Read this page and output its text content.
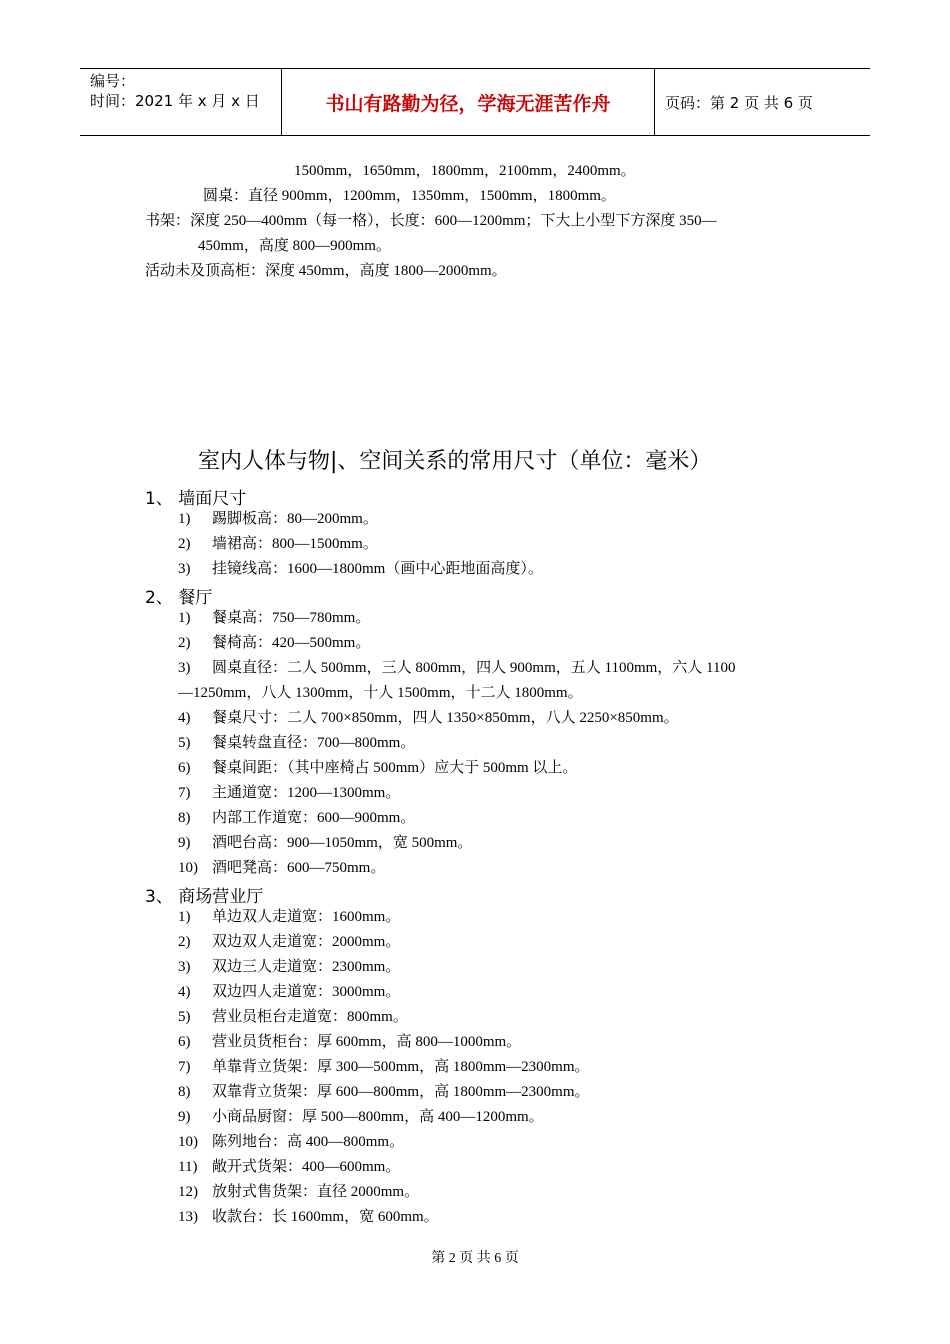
编号：
时间：2021 年 x 月 x 日	书山有路勤为径，学海无涯苦作舟	页码：第 2 页 共 6 页
1500mm，1650mm，1800mm，2100mm，2400mm。
圆桌：直径 900mm，1200mm，1350mm，1500mm，1800mm。
书架：深度 250—400mm（每一格），长度：600—1200mm；下大上小型下方深度 350—
450mm，高度 800—900mm。
活动未及顶高柜：深度 450mm，高度 1800—2000mm。
室内人体与物|、空间关系的常用尺寸（单位：毫米）
1、 墙面尺寸
1) 踢脚板高：80—200mm。
2) 墙裙高：800—1500mm。
3) 挂镜线高：1600—1800mm（画中心距地面高度）。
2、 餐厅
1) 餐桌高：750—780mm。
2) 餐椅高：420—500mm。
3) 圆桌直径：二人 500mm，三人 800mm，四人 900mm，五人 1100mm，六人 1100
—1250mm，八人 1300mm，十人 1500mm，十二人 1800mm。
4) 餐桌尺寸：二人 700×850mm，四人 1350×850mm，八人 2250×850mm。
5) 餐桌转盘直径：700—800mm。
6) 餐桌间距：（其中座椅占 500mm）应大于 500mm 以上。
7) 主通道宽：1200—1300mm。
8) 内部工作道宽：600—900mm。
9) 酒吧台高：900—1050mm，宽 500mm。
10) 酒吧凳高：600—750mm。
3、 商场营业厅
1) 单边双人走道宽：1600mm。
2) 双边双人走道宽：2000mm。
3) 双边三人走道宽：2300mm。
4) 双边四人走道宽：3000mm。
5) 营业员柜台走道宽：800mm。
6) 营业员货柜台：厚 600mm，高 800—1000mm。
7) 单靠背立货架：厚 300—500mm，高 1800mm—2300mm。
8) 双靠背立货架：厚 600—800mm，高 1800mm—2300mm。
9) 小商品厨窗：厚 500—800mm，高 400—1200mm。
10) 陈列地台：高 400—800mm。
11) 敞开式货架：400—600mm。
12) 放射式售货架：直径 2000mm。
13) 收款台：长 1600mm，宽 600mm。
第 2 页 共 6 页
